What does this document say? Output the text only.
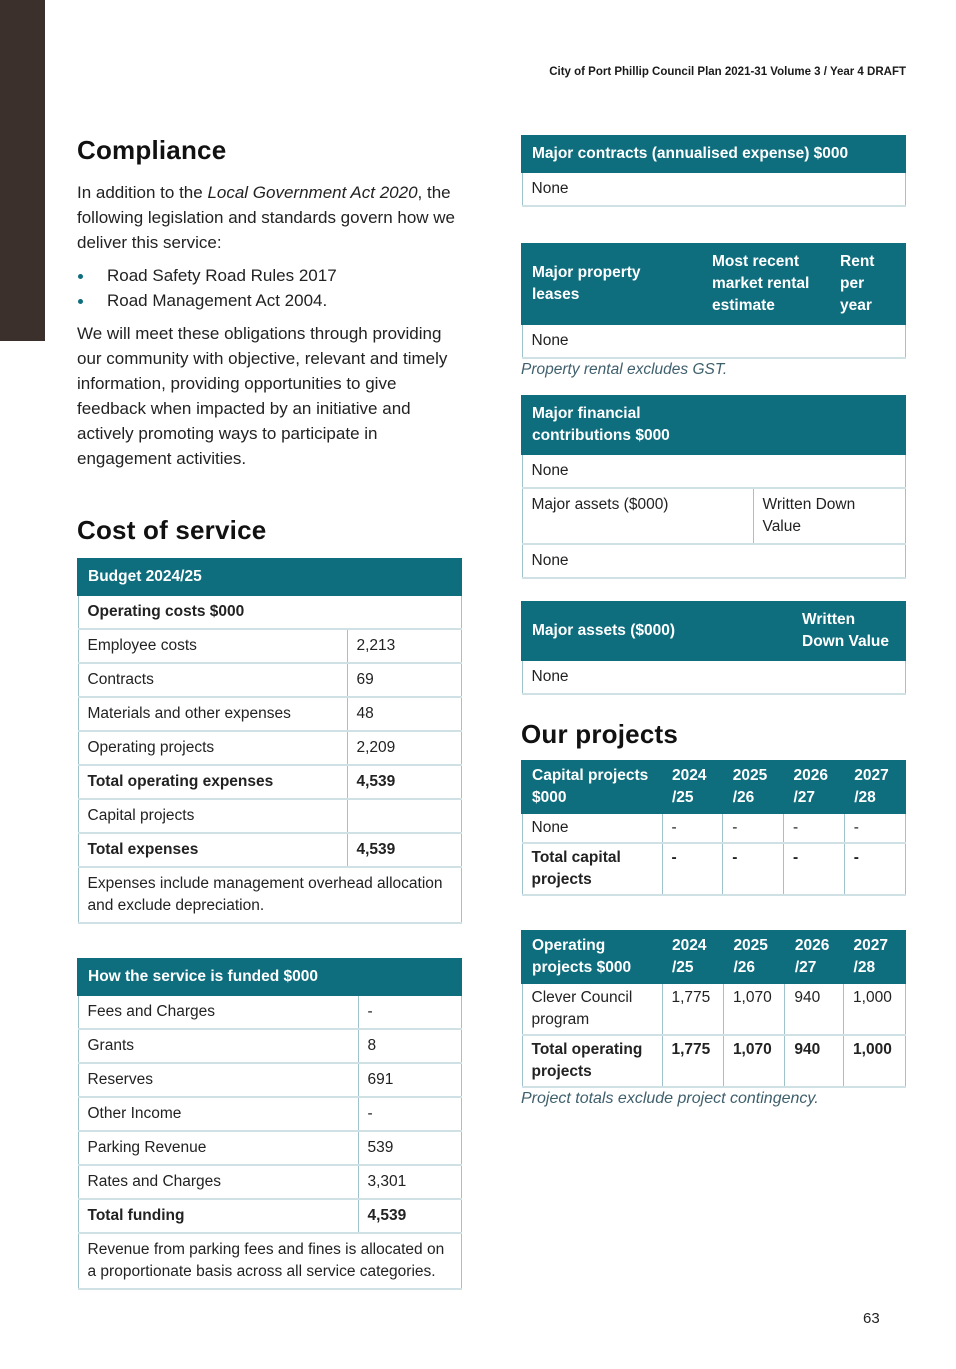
City of Port Phillip Council Plan 2021-31 Volume 3 / Year 4 DRAFT
Compliance

In addition to the Local Government Act 2020, the following legislation and standards govern how we deliver this service:

Road Safety Road Rules 2017
Road Management Act 2004.

We will meet these obligations through providing our community with objective, relevant and timely information, providing opportunities to give feedback when impacted by an initiative and actively promoting ways to participate in engagement activities.

Cost of service
Budget 2024/25	
Operating costs $000	
Employee costs	2,213
Contracts	69
Materials and other expenses	48
Operating projects	2,209
Total operating expenses	4,539
Capital projects	
Total expenses	4,539
Expenses include management overhead allocation and exclude depreciation.	
How the service is funded $000	
Fees and Charges	-
Grants	8
Reserves	691
Other Income	-
Parking Revenue	539
Rates and Charges	3,301
Total funding	4,539
Revenue from parking fees and fines is allocated on a proportionate basis across all service categories.	
Major contracts (annualised expense) $000
None
Major property leases	Most recent market rental estimate	Rent per year
None

Property rental excludes GST.

Major financial contributions $000	
None	
Major assets ($000)	Written Down Value
None	
Major assets ($000)	Written Down Value
None
Our projects
Capital projects $000	2024 /25	2025 /26	2026 /27	2027 /28
None	-	-	-	-
Total capital projects	-	-	-	-
Operating projects $000	2024 /25	2025 /26	2026 /27	2027 /28
Clever Council program	1,775	1,070	940	1,000
Total operating projects	1,775	1,070	940	1,000

Project totals exclude project contingency.

63
